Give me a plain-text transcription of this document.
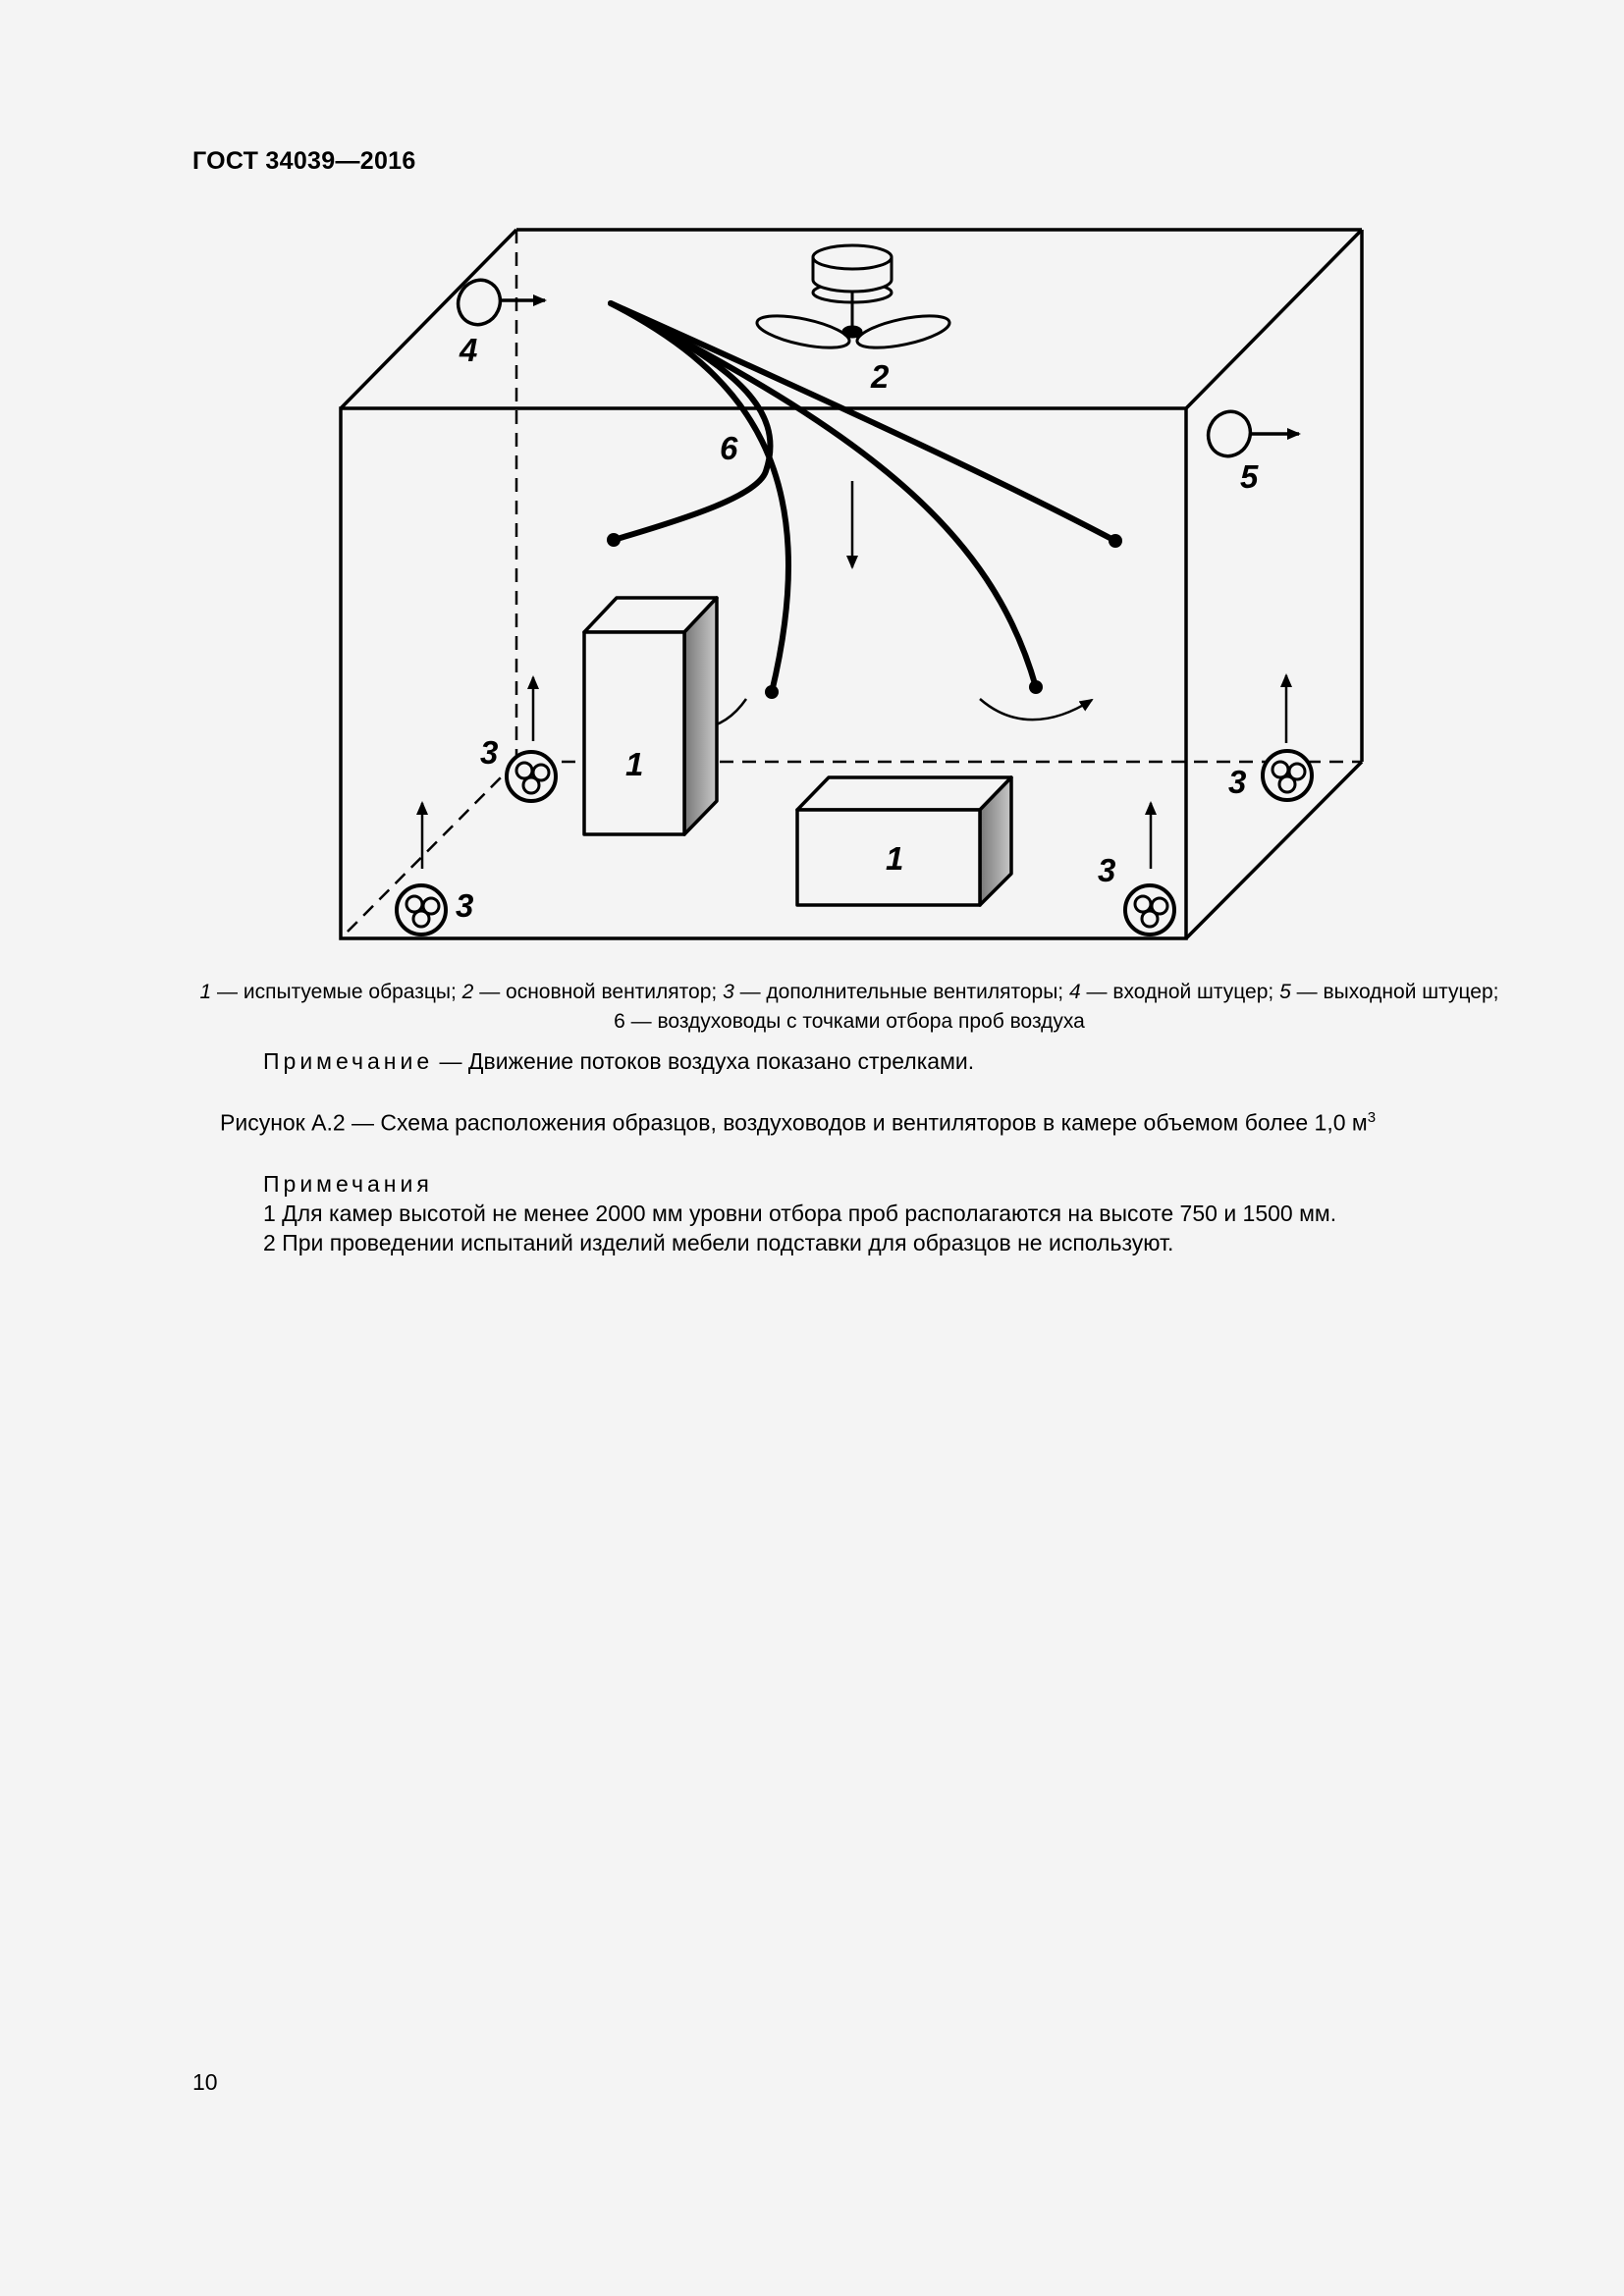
ГОСТ 34039—2016
4
2
5
6
1
1
3
3
3
3
1 — испытуемые образцы; 2 — основной вентилятор; 3 — дополнительные вентиляторы; 4 — входной штуцер; 5 — выходной штуцер; 6 — воздуховоды с точками отбора проб воздуха
Примечание — Движение потоков воздуха показано стрелками.
Рисунок А.2 — Схема расположения образцов, воздуховодов и вентиляторов в камере объемом более 1,0 $м^3$
Примечания
1 Для камер высотой не менее 2000 мм уровни отбора проб располагаются на высоте 750 и 1500 мм.
2 При проведении испытаний изделий мебели подставки для образцов не используют.
10
